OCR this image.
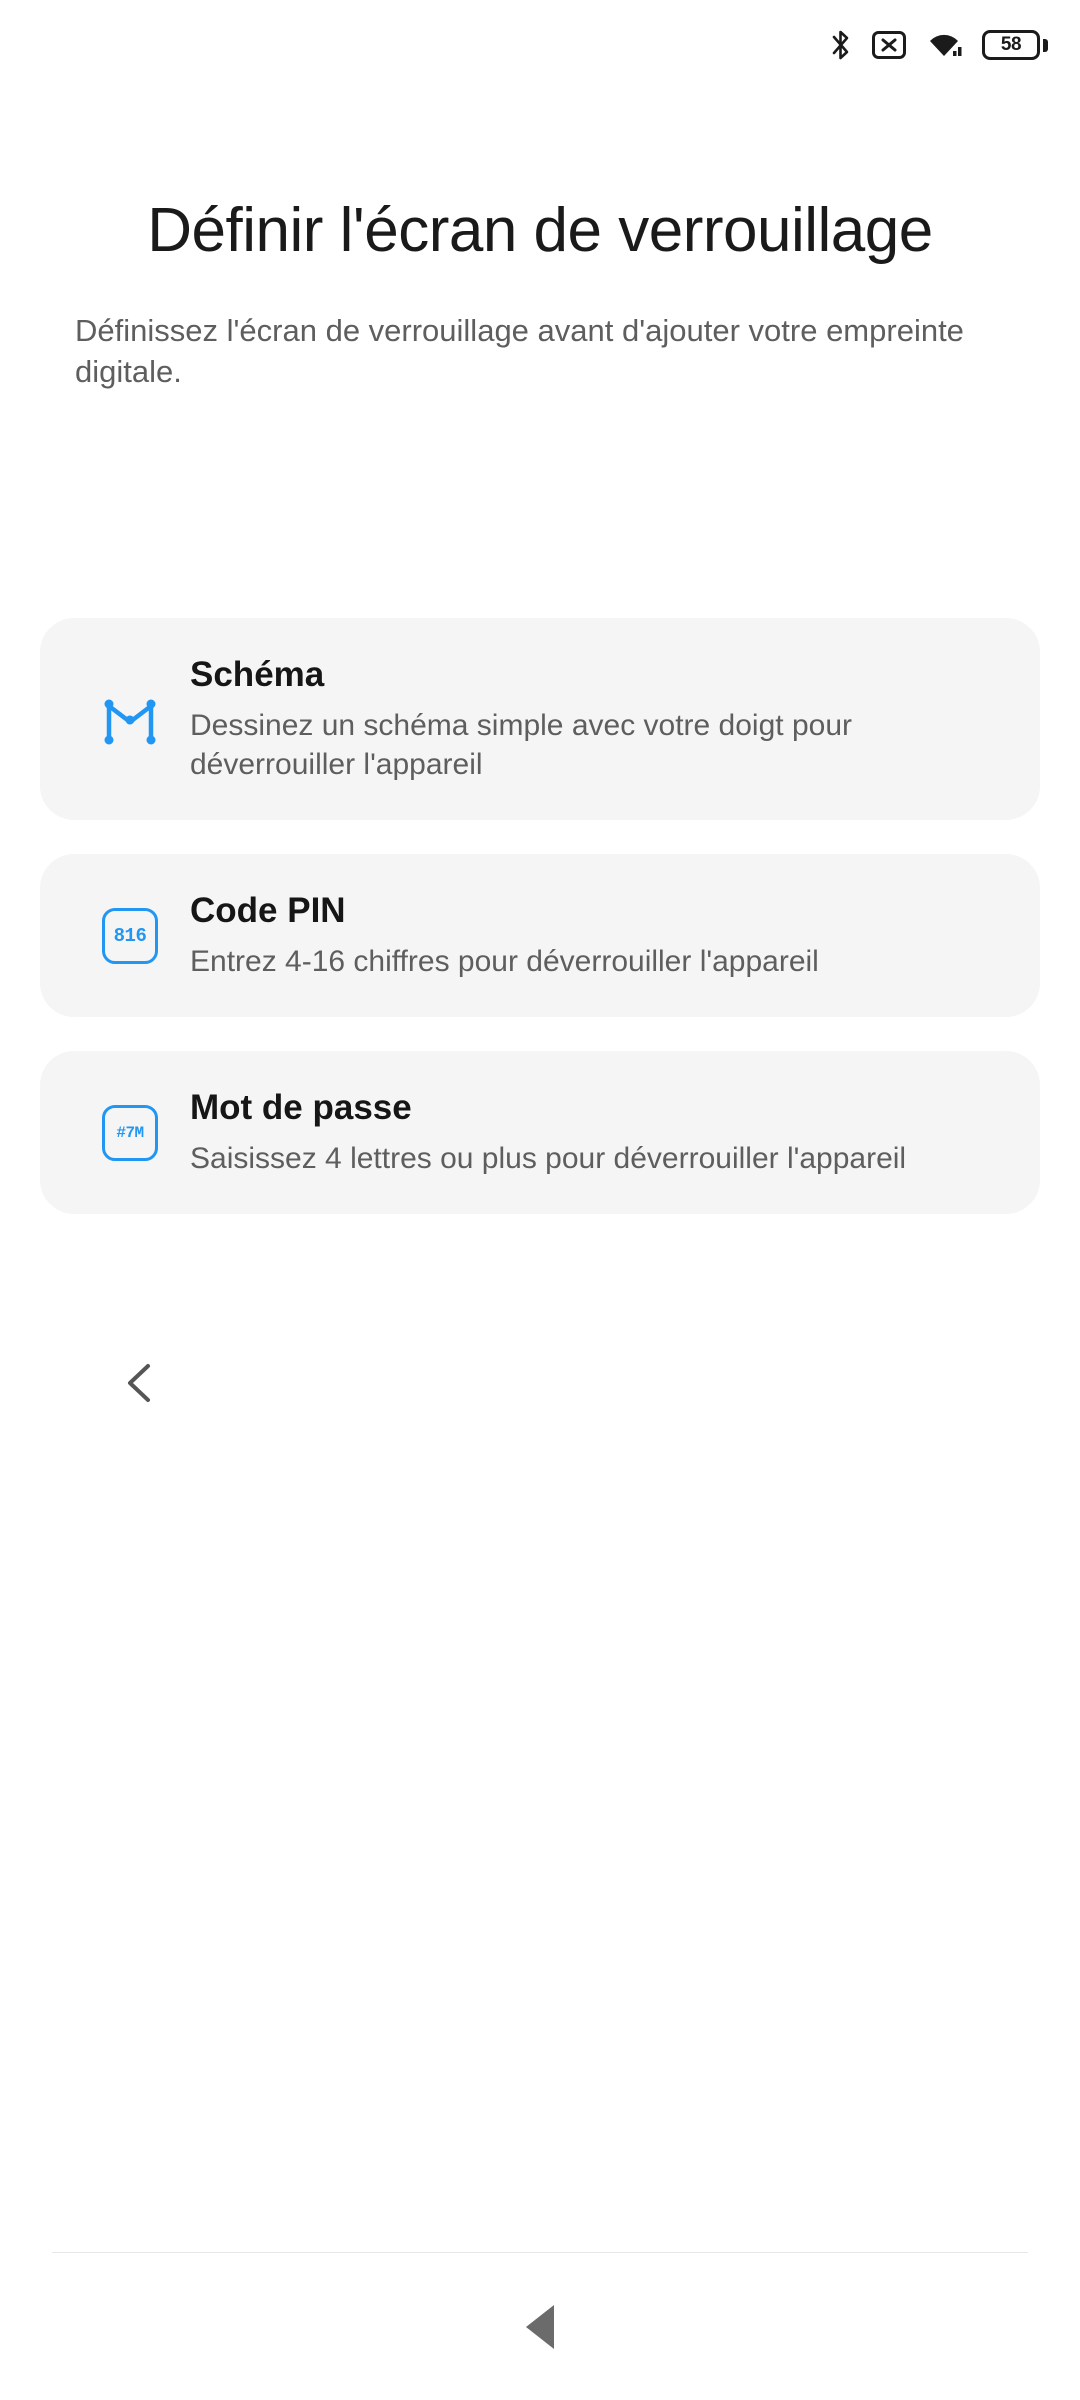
58
Définir l'écran de verrouillage
Définissez l'écran de verrouillage avant d'ajouter votre empreinte digitale.
Schéma
Dessinez un schéma simple avec votre doigt pour déverrouiller l'appareil
816
Code PIN
Entrez 4-16 chiffres pour déverrouiller l'appareil
#7M
Mot de passe
Saisissez 4 lettres ou plus pour déverrouiller l'appareil
